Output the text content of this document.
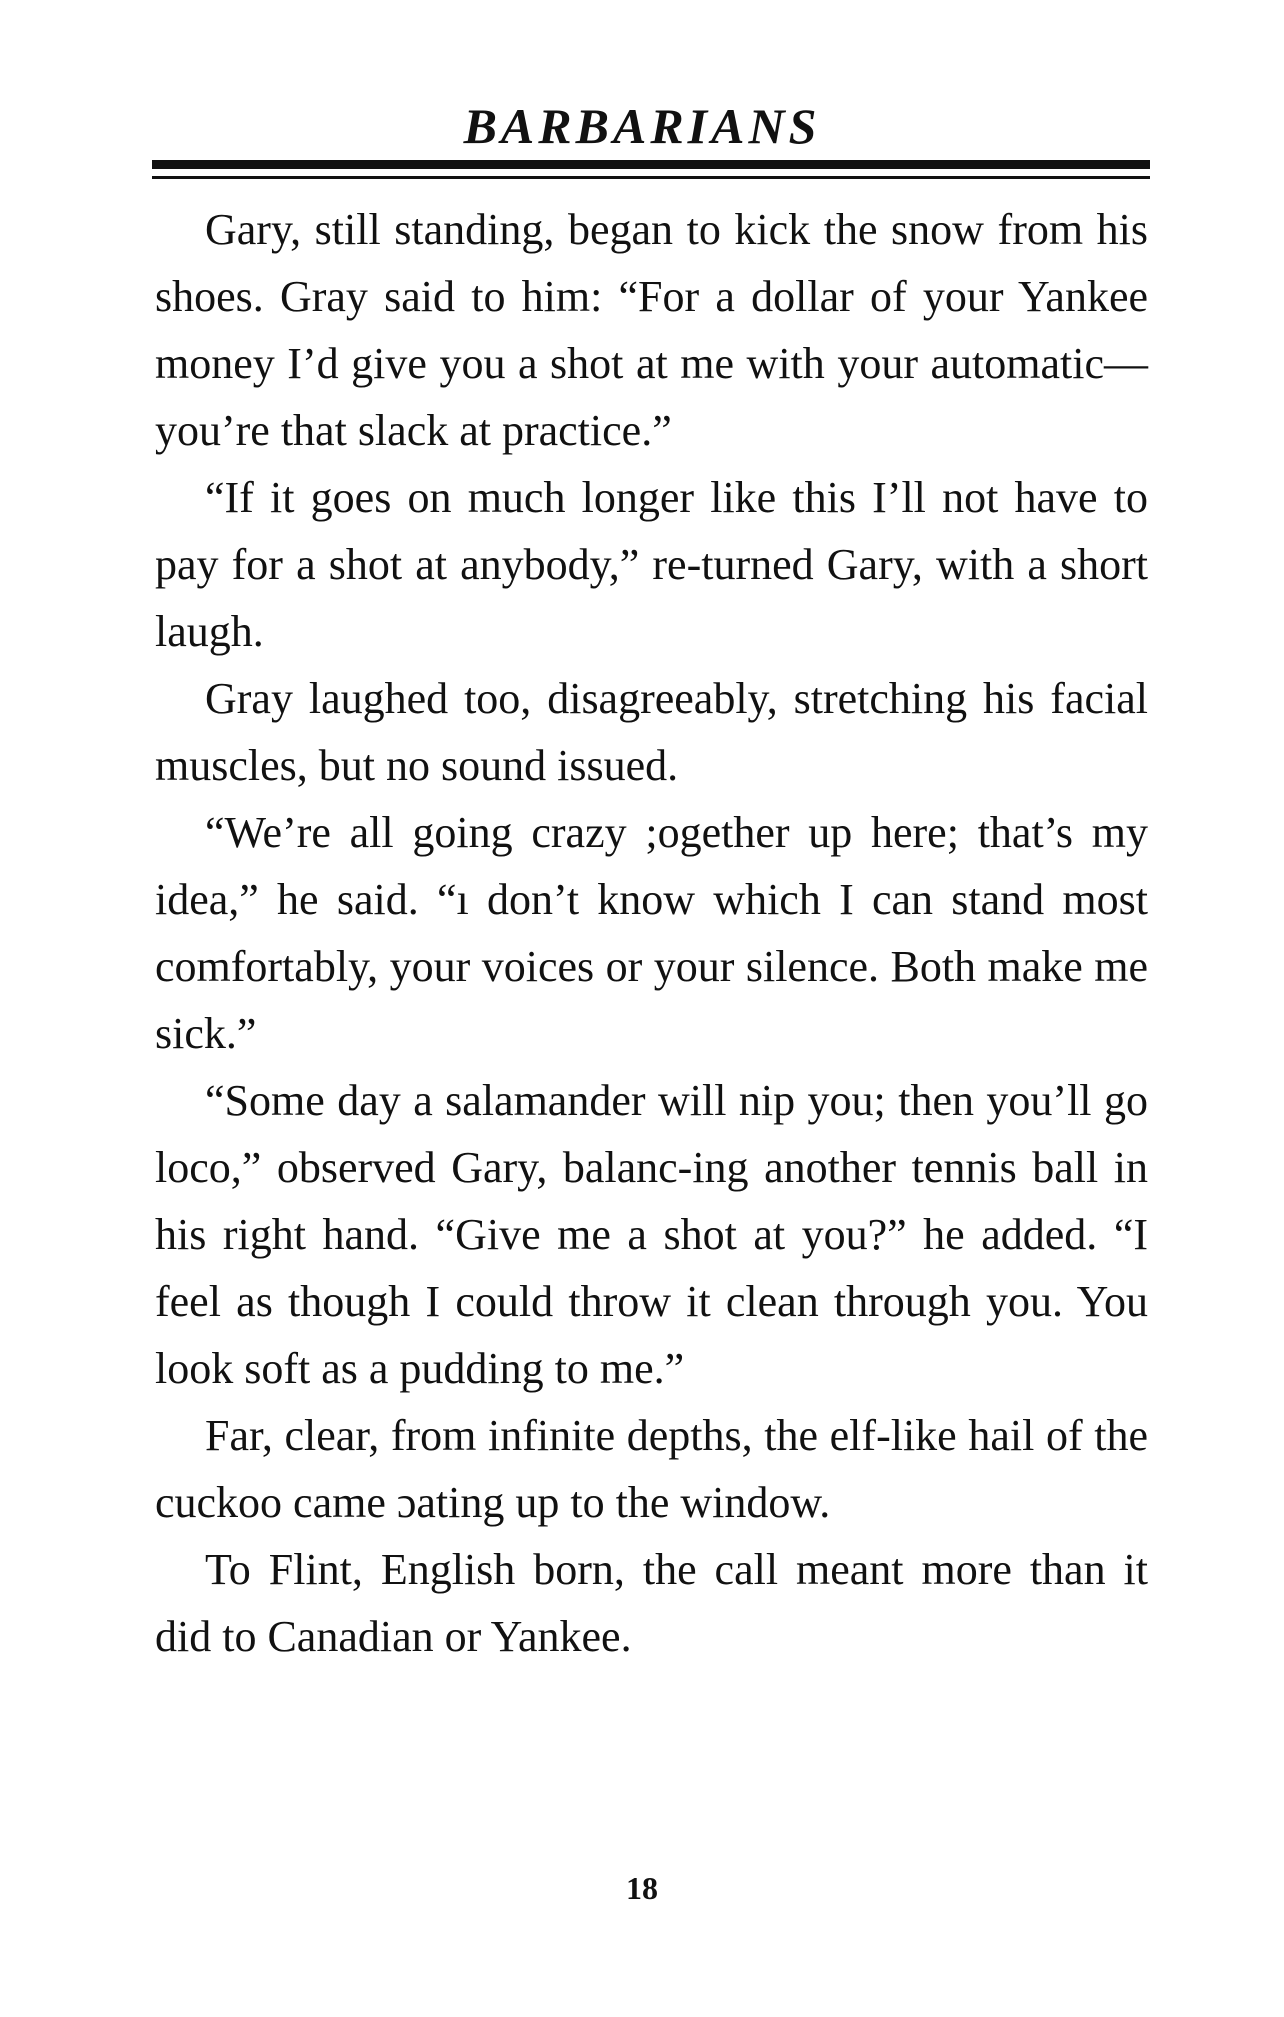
BARBARIANS

Gary, still standing, began to kick the snow from his shoes. Gray said to him: “For a dollar of your Yankee money I’d give you a shot at me with your automatic—you’re that slack at practice.”

“If it goes on much longer like this I’ll not have to pay for a shot at anybody,” re-turned Gary, with a short laugh.

Gray laughed too, disagreeably, stretching his facial muscles, but no sound issued.

“We’re all going crazy ;ogether up here; that’s my idea,” he said. “ı don’t know which I can stand most comfortably, your voices or your silence. Both make me sick.”

“Some day a salamander will nip you; then you’ll go loco,” observed Gary, balanc-ing another tennis ball in his right hand. “Give me a shot at you?” he added. “I feel as though I could throw it clean through you. You look soft as a pudding to me.”

Far, clear, from infinite depths, the elf-like hail of the cuckoo came ɔating up to the window.

To Flint, English born, the call meant more than it did to Canadian or Yankee.

18
